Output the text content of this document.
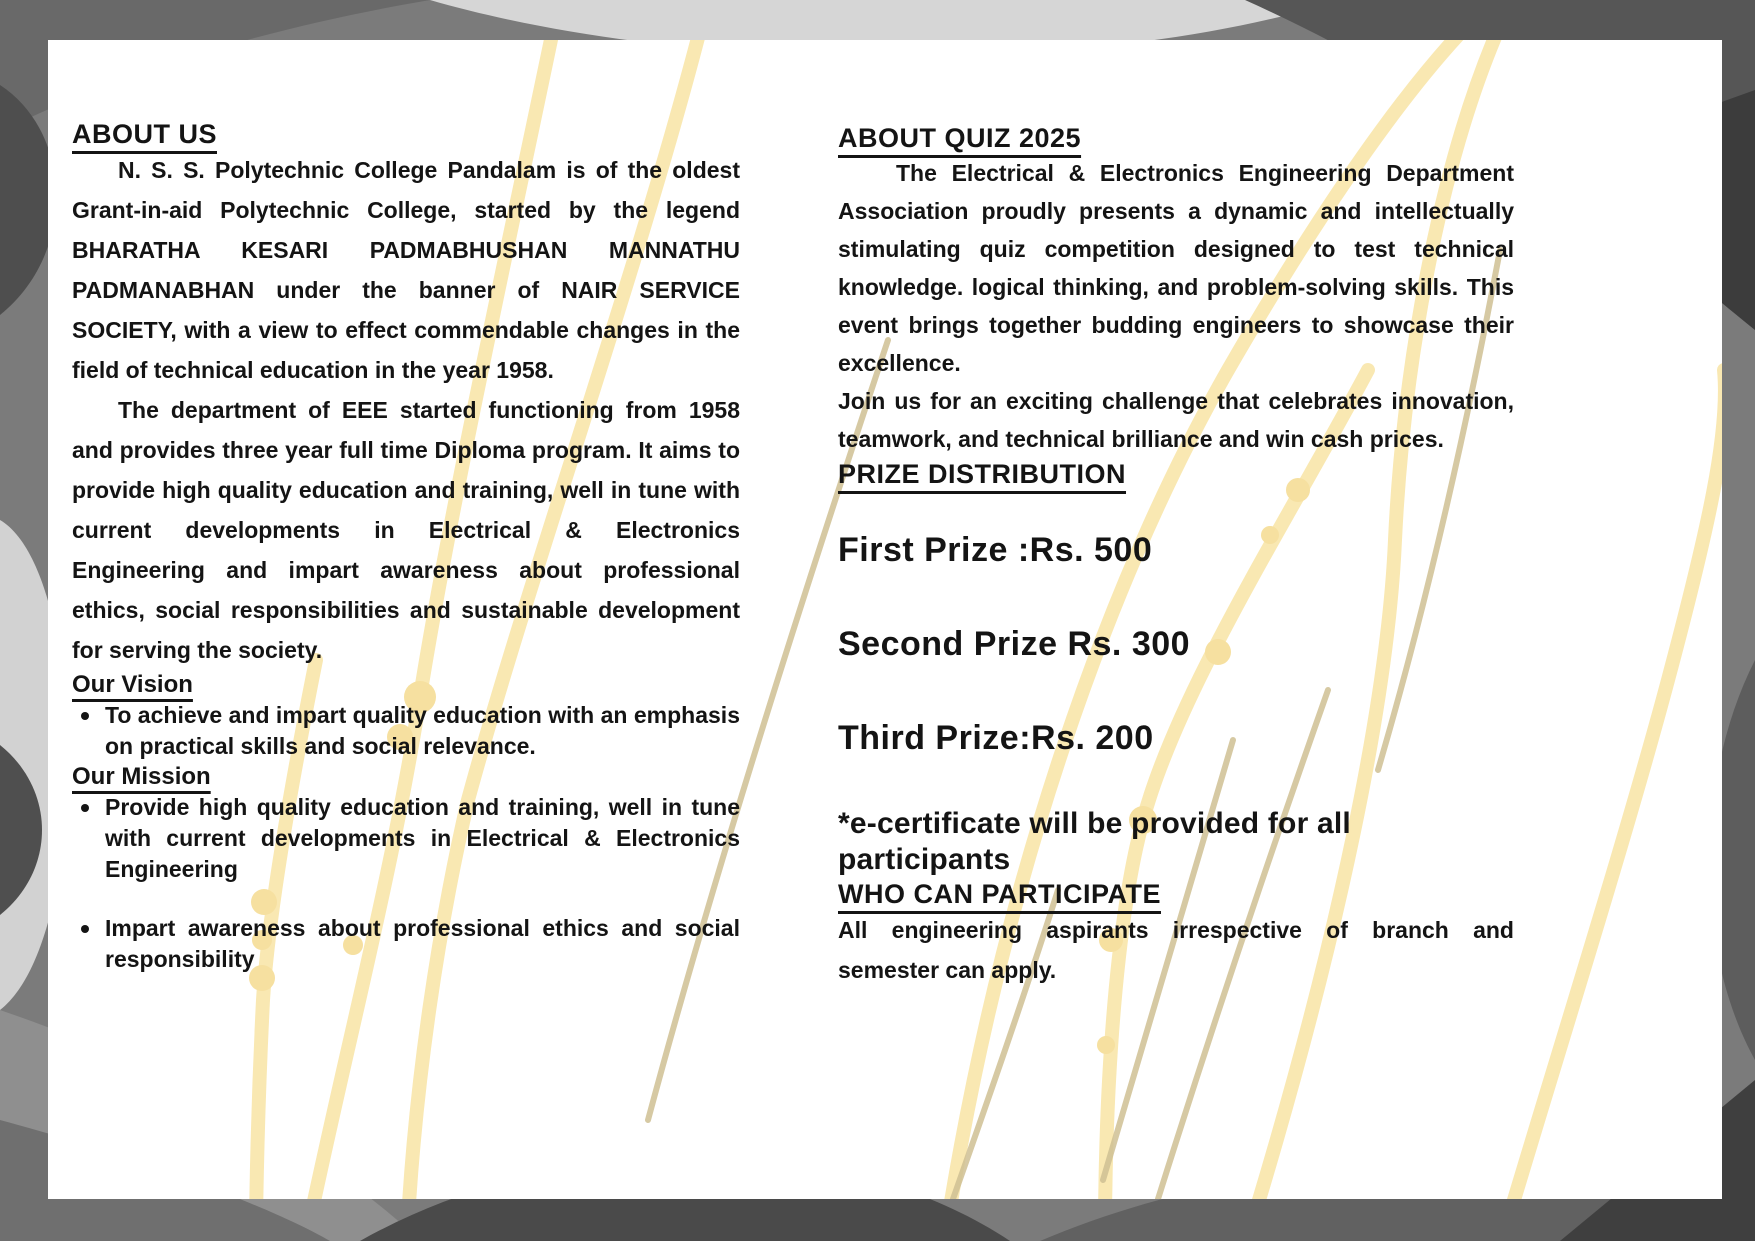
ABOUT US

N. S. S. Polytechnic College Pandalam is of the oldest Grant-in-aid Polytechnic College, started by the legend BHARATHA KESARI PADMABHUSHAN MANNATHU PADMANABHAN under the banner of NAIR SERVICE SOCIETY, with a view to effect commendable changes in the field of technical education in the year 1958.

The department of EEE started functioning from 1958 and provides three year full time Diploma program. It aims to provide high quality education and training, well in tune with current developments in Electrical & Electronics Engineering and impart awareness about professional ethics, social responsibilities and sustainable development for serving the society.

Our Vision
To achieve and impart quality education with an emphasis on practical skills and social relevance.
Our Mission
Provide high quality education and training, well in tune with current developments in Electrical & Electronics Engineering
Impart awareness about professional ethics and social responsibility
ABOUT QUIZ 2025

The Electrical & Electronics Engineering Department Association proudly presents a dynamic and intellectually stimulating quiz competition designed to test technical knowledge. logical thinking, and problem-solving skills. This event brings together budding engineers to showcase their excellence.

Join us for an exciting challenge that celebrates innovation, teamwork, and technical brilliance and win cash prices.

PRIZE DISTRIBUTION
First Prize :Rs. 500
Second Prize Rs. 300
Third Prize:Rs. 200
*e-certificate will be provided for all participants
WHO CAN PARTICIPATE

All engineering aspirants irrespective of branch and semester can apply.
